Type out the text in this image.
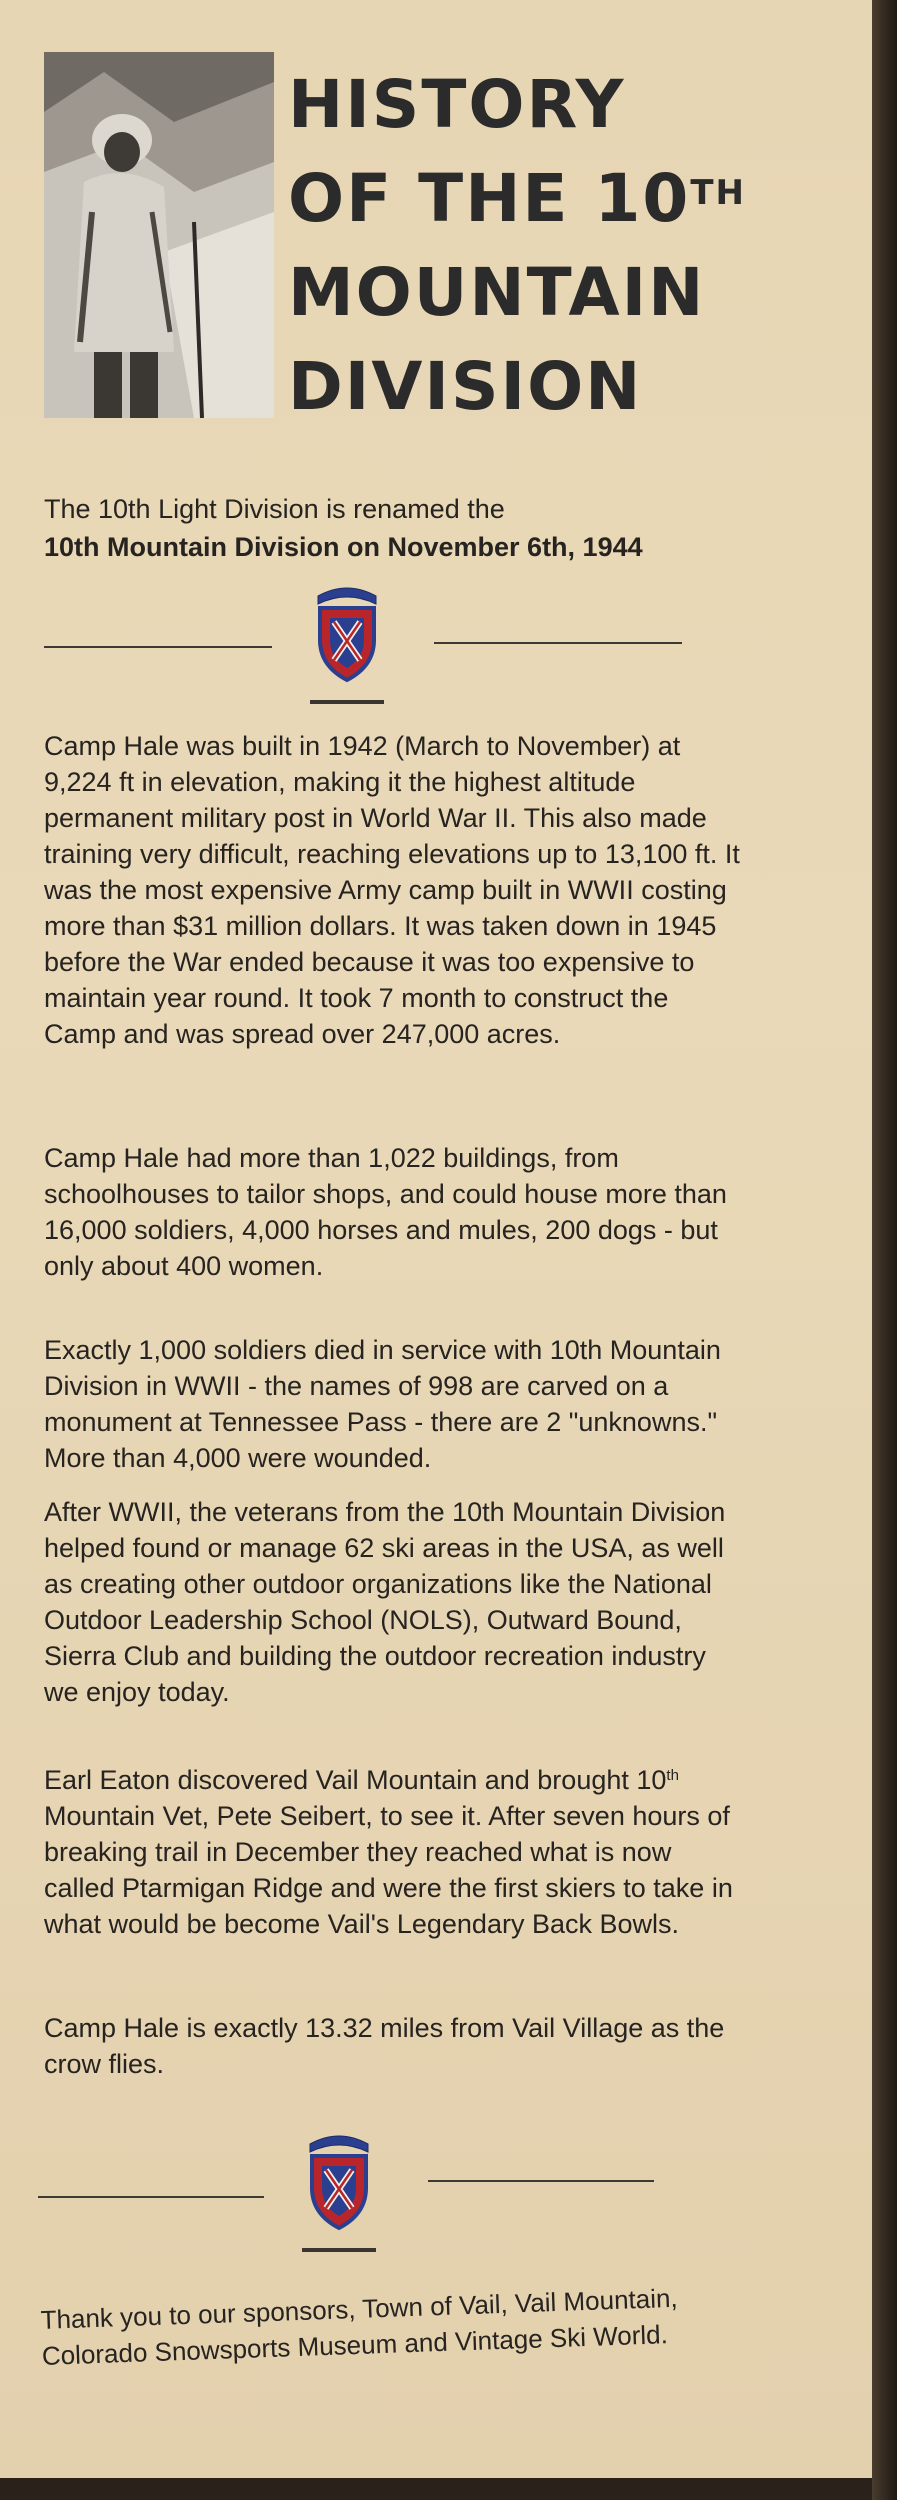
HISTORY
OF THE 10TH
MOUNTAIN
DIVISION
The 10th Light Division is renamed the
10th Mountain Division on November 6th, 1944

Camp Hale was built in 1942 (March to November) at 9,224 ft in elevation, making it the highest altitude permanent military post in World War II. This also made training very difficult, reaching elevations up to 13,100 ft. It was the most expensive Army camp built in WWII costing more than $31 million dollars. It was taken down in 1945 before the War ended because it was too expensive to maintain year round. It took 7 month to construct the Camp and was spread over 247,000 acres.

Camp Hale had more than 1,022 buildings, from schoolhouses to tailor shops, and could house more than 16,000 soldiers, 4,000 horses and mules, 200 dogs - but only about 400 women.

Exactly 1,000 soldiers died in service with 10th Mountain Division in WWII - the names of 998 are carved on a monument at Tennessee Pass - there are 2 "unknowns." More than 4,000 were wounded.

After WWII, the veterans from the 10th Mountain Division helped found or manage 62 ski areas in the USA, as well as creating other outdoor organizations like the National Outdoor Leadership School (NOLS), Outward Bound, Sierra Club and building the outdoor recreation industry we enjoy today.

Earl Eaton discovered Vail Mountain and brought 10th Mountain Vet, Pete Seibert, to see it. After seven hours of breaking trail in December they reached what is now called Ptarmigan Ridge and were the first skiers to take in what would be become Vail's Legendary Back Bowls.

Camp Hale is exactly 13.32 miles from Vail Village as the crow flies.

Thank you to our sponsors, Town of Vail, Vail Mountain, Colorado Snowsports Museum and Vintage Ski World.
